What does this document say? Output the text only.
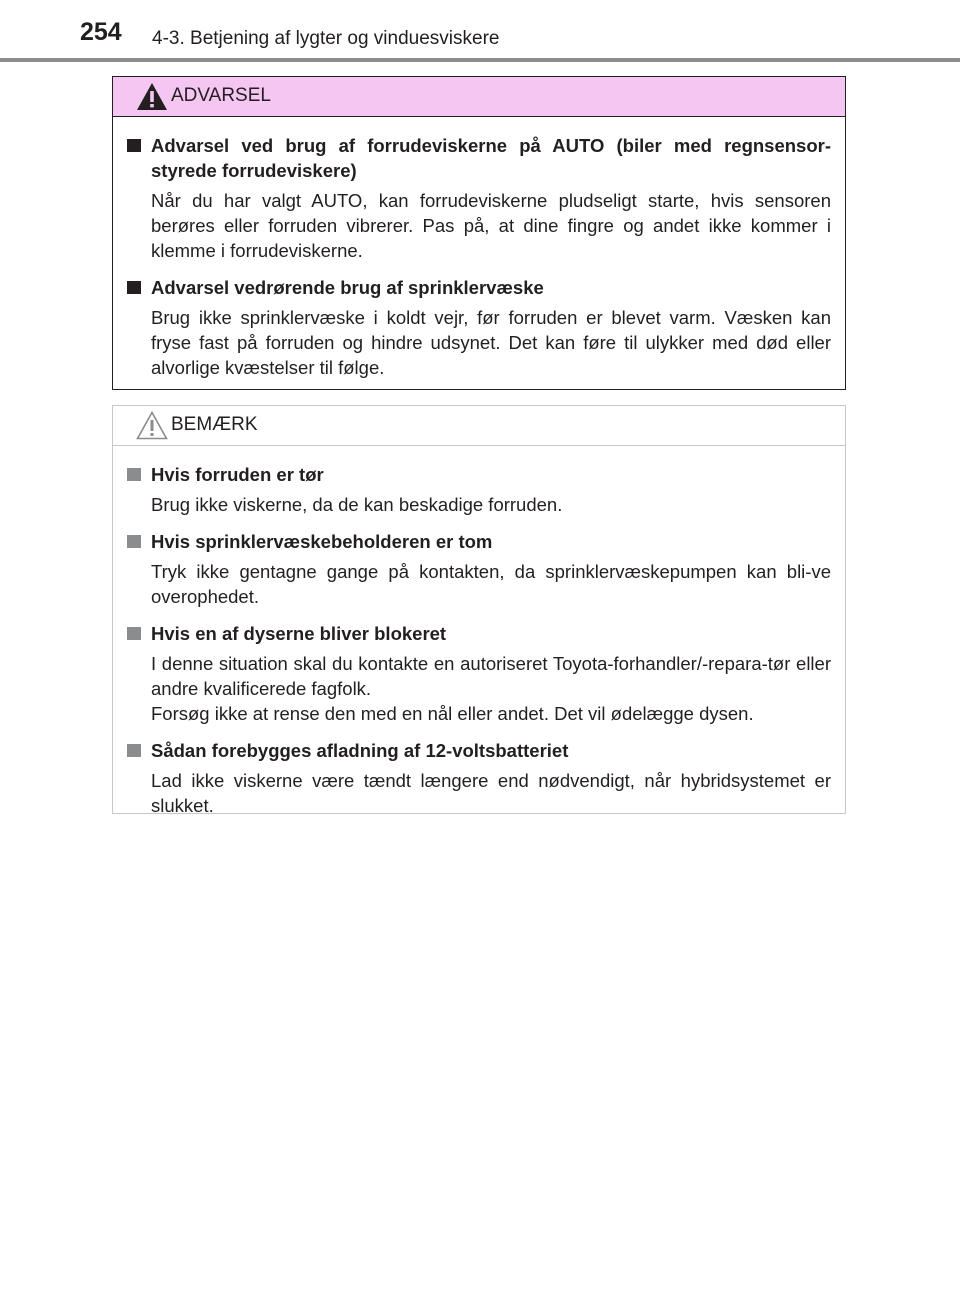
254 4-3. Betjening af lygter og vinduesviskere
ADVARSEL
Advarsel ved brug af forrudeviskerne på AUTO (biler med regnsensor-styrede forrudeviskere)

Når du har valgt AUTO, kan forrudeviskerne pludseligt starte, hvis sensoren berøres eller forruden vibrerer. Pas på, at dine fingre og andet ikke kommer i klemme i forrudeviskerne.

Advarsel vedrørende brug af sprinklervæske

Brug ikke sprinklervæske i koldt vejr, før forruden er blevet varm. Væsken kan fryse fast på forruden og hindre udsynet. Det kan føre til ulykker med død eller alvorlige kvæstelser til følge.

BEMÆRK
Hvis forruden er tør

Brug ikke viskerne, da de kan beskadige forruden.

Hvis sprinklervæskebeholderen er tom

Tryk ikke gentagne gange på kontakten, da sprinklervæskepumpen kan bli-ve overophedet.

Hvis en af dyserne bliver blokeret

I denne situation skal du kontakte en autoriseret Toyota-forhandler/-repara-tør eller andre kvalificerede fagfolk.

Forsøg ikke at rense den med en nål eller andet. Det vil ødelægge dysen.

Sådan forebygges afladning af 12-voltsbatteriet

Lad ikke viskerne være tændt længere end nødvendigt, når hybridsystemet er slukket.
